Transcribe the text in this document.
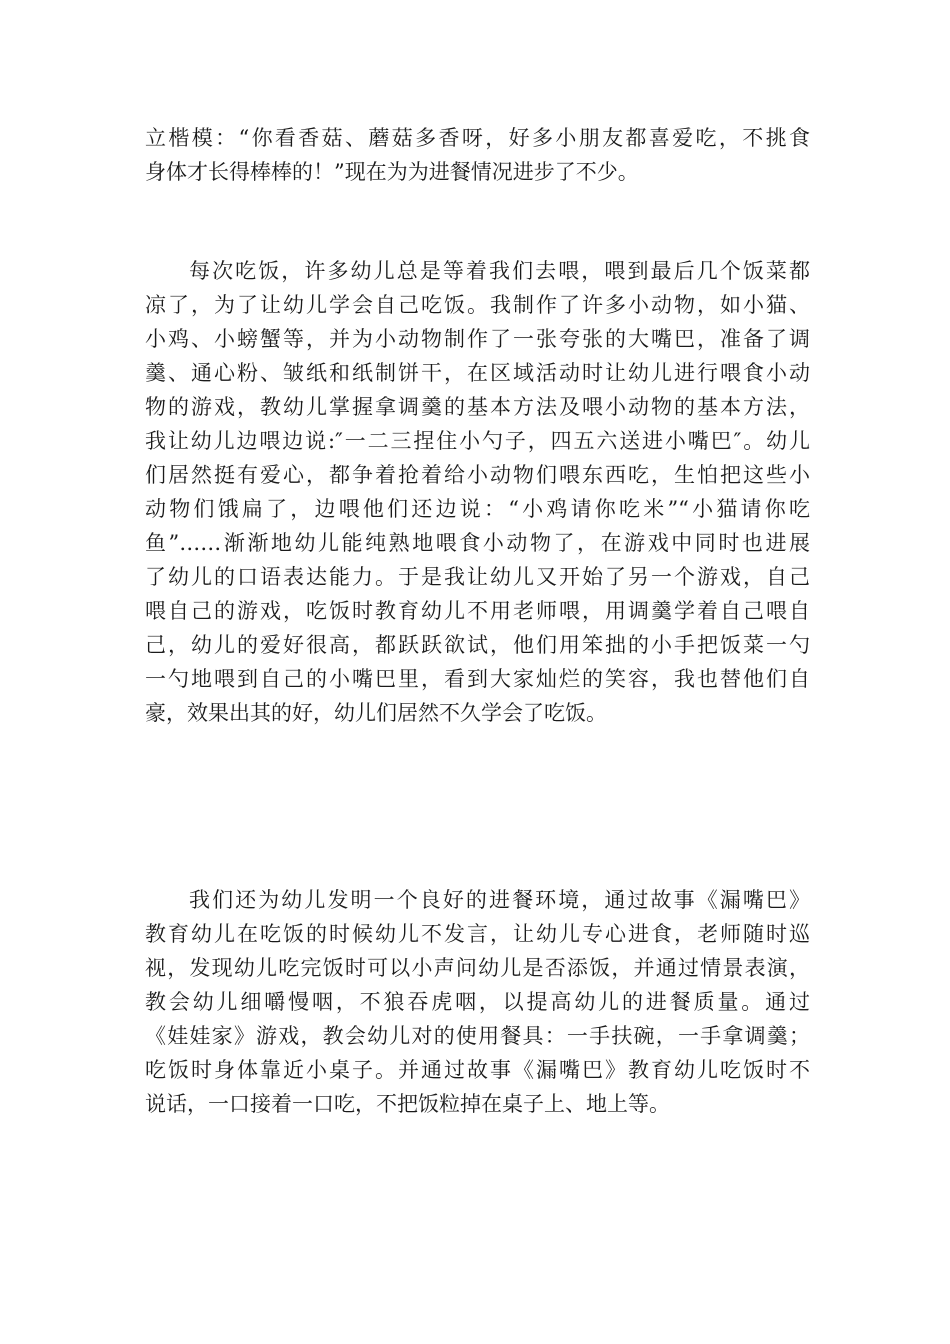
立楷模：“你看香菇、蘑菇多香呀，好多小朋友都喜爱吃，不挑食
身体才长得棒棒的！”现在为为进餐情况进步了不少。

每次吃饭，许多幼儿总是等着我们去喂，喂到最后几个饭菜都
凉了，为了让幼儿学会自己吃饭。我制作了许多小动物，如小猫、
小鸡、小螃蟹等，并为小动物制作了一张夸张的大嘴巴，准备了调
羹、通心粉、皱纸和纸制饼干，在区域活动时让幼儿进行喂食小动
物的游戏，教幼儿掌握拿调羹的基本方法及喂小动物的基本方法，
我让幼儿边喂边说:″一二三捏住小勺子，四五六送进小嘴巴″。幼儿
们居然挺有爱心，都争着抢着给小动物们喂东西吃，生怕把这些小
动物们饿扁了，边喂他们还边说：“小鸡请你吃米”“小猫请你吃
鱼”……渐渐地幼儿能纯熟地喂食小动物了，在游戏中同时也进展
了幼儿的口语表达能力。于是我让幼儿又开始了另一个游戏，自己
喂自己的游戏，吃饭时教育幼儿不用老师喂，用调羹学着自己喂自
己，幼儿的爱好很高，都跃跃欲试，他们用笨拙的小手把饭菜一勺
一勺地喂到自己的小嘴巴里，看到大家灿烂的笑容，我也替他们自
豪，效果出其的好，幼儿们居然不久学会了吃饭。

我们还为幼儿发明一个良好的进餐环境，通过故事《漏嘴巴》
教育幼儿在吃饭的时候幼儿不发言，让幼儿专心进食，老师随时巡
视，发现幼儿吃完饭时可以小声问幼儿是否添饭，并通过情景表演，
教会幼儿细嚼慢咽，不狼吞虎咽，以提高幼儿的进餐质量。通过
《娃娃家》游戏，教会幼儿对的使用餐具：一手扶碗，一手拿调羹；
吃饭时身体靠近小桌子。并通过故事《漏嘴巴》教育幼儿吃饭时不
说话，一口接着一口吃，不把饭粒掉在桌子上、地上等。
